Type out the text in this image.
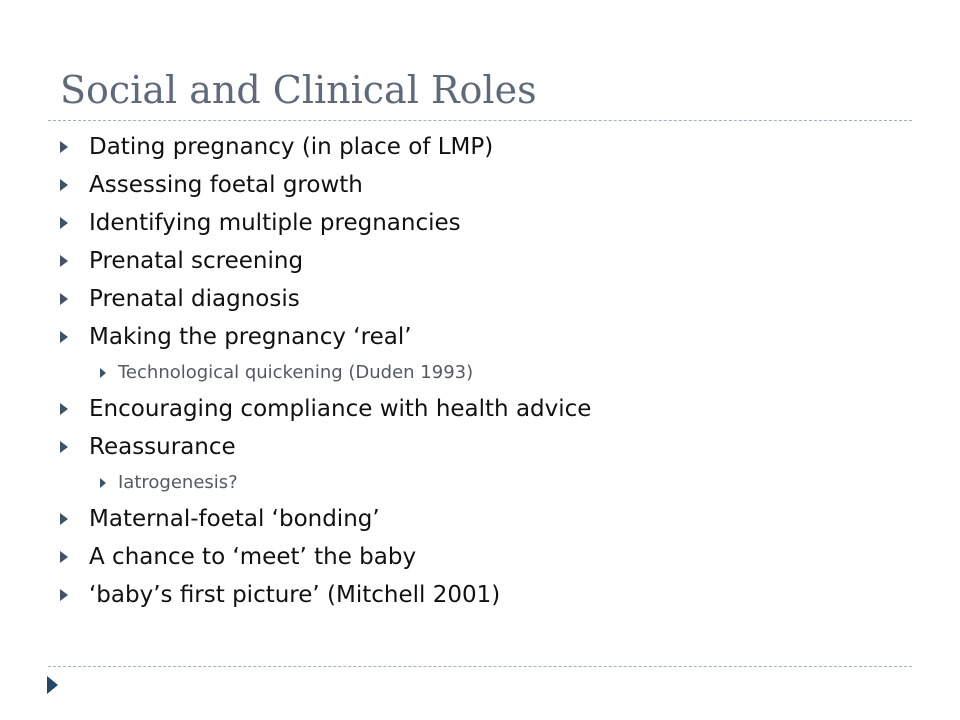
Social and Clinical Roles
Dating pregnancy (in place of LMP)
Assessing foetal growth
Identifying multiple pregnancies
Prenatal screening
Prenatal diagnosis
Making the pregnancy ‘real’
Technological quickening (Duden 1993)
Encouraging compliance with health advice
Reassurance
Iatrogenesis?
Maternal-foetal ‘bonding’
A chance to ‘meet’ the baby
‘baby’s first picture’ (Mitchell 2001)
